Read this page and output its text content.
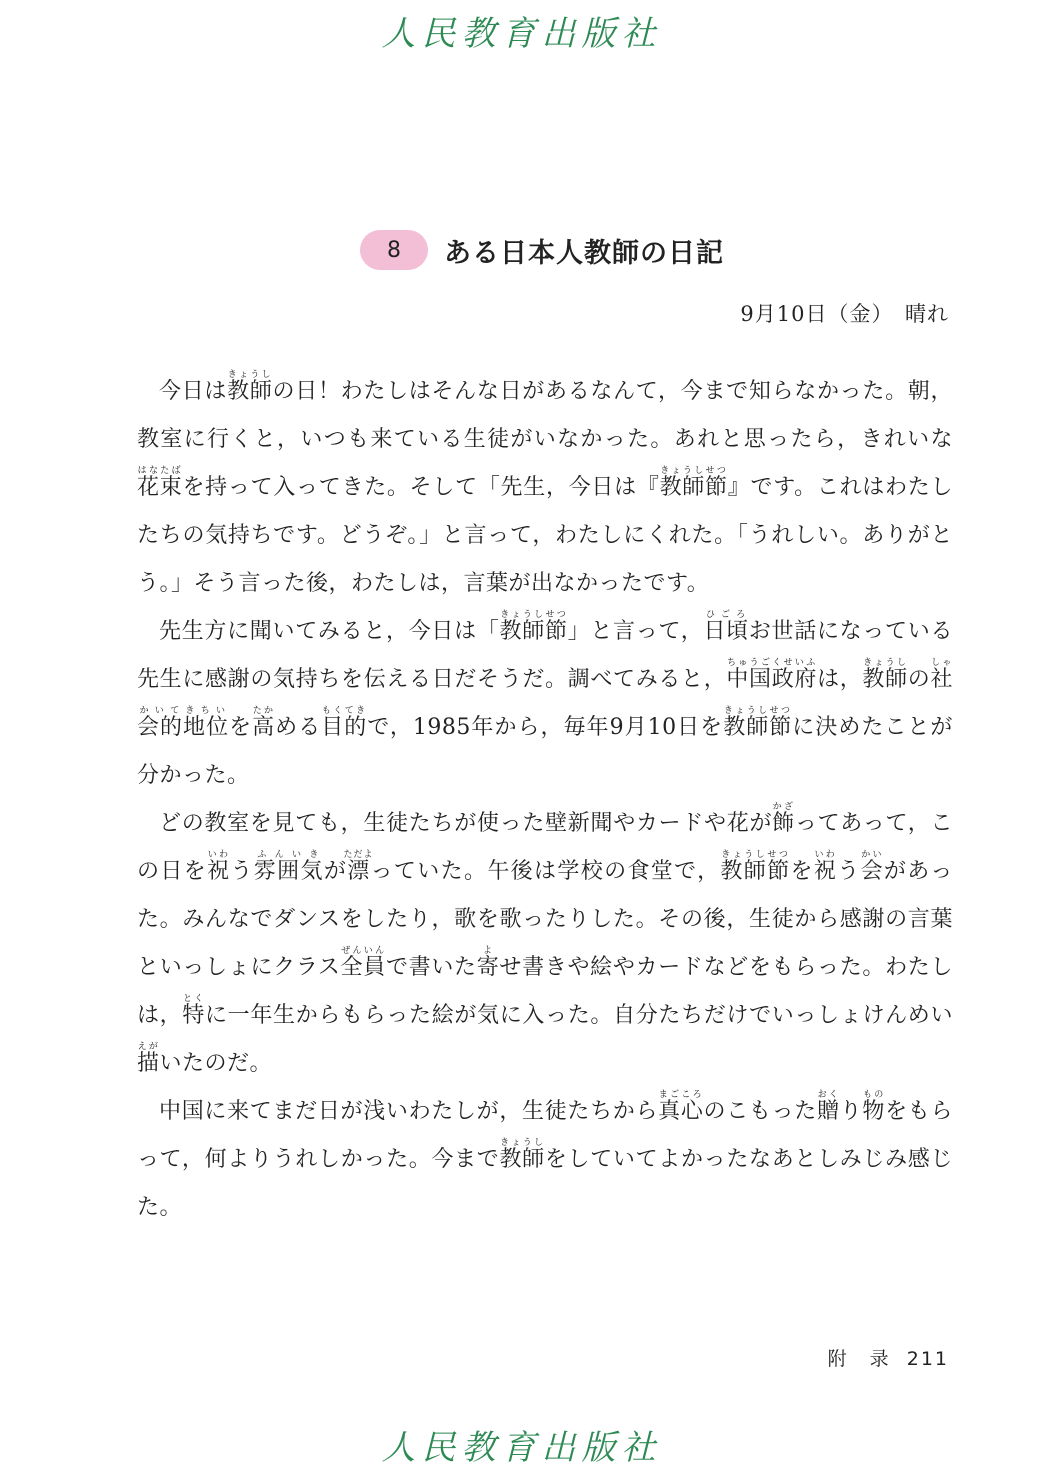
人民教育出版社
8	ある日本人教師の日記
9月10日（金）　晴れ

今日は教師きょうしの日！わたしはそんな日があるなんて，今まで知らなかった。朝，教室に行くと，いつも来ている生徒がいなかった。あれと思ったら，きれいな花束はなたばを持って入ってきた。そして「先生，今日は『教師節きょうしせつ』です。これはわたしたちの気持ちです。どうぞ。」と言って，わたしにくれた。「うれしい。ありがとう。」そう言った後，わたしは，言葉が出なかったです。

先生方に聞いてみると，今日は「教師節きょうしせつ」と言って，日頃ひごろお世話になっている先生に感謝の気持ちを伝える日だそうだ。調べてみると，中国政府ちゅうごくせいふは，教師きょうしの社会的地位しゃかいてきちいを高たかめる目的もくてきで，1985年から，毎年9月10日を教師節きょうしせつに決めたことが分かった。

どの教室を見ても，生徒たちが使った壁新聞やカードや花が飾かざってあって，この日を祝いわう雰囲気ふんいきが漂ただよっていた。午後は学校の食堂で，教師節きょうしせつを祝いわう会かいがあった。みんなでダンスをしたり，歌を歌ったりした。その後，生徒から感謝の言葉といっしょにクラス全員ぜんいんで書いた寄よせ書きや絵やカードなどをもらった。わたしは，特とくに一年生からもらった絵が気に入った。自分たちだけでいっしょけんめい描えがいたのだ。

中国に来てまだ日が浅いわたしが，生徒たちから真心まごころのこもった贈おくり物ものをもらって，何よりうれしかった。今まで教師きょうしをしていてよかったなあとしみじみ感じた。

附　录 211
人民教育出版社
